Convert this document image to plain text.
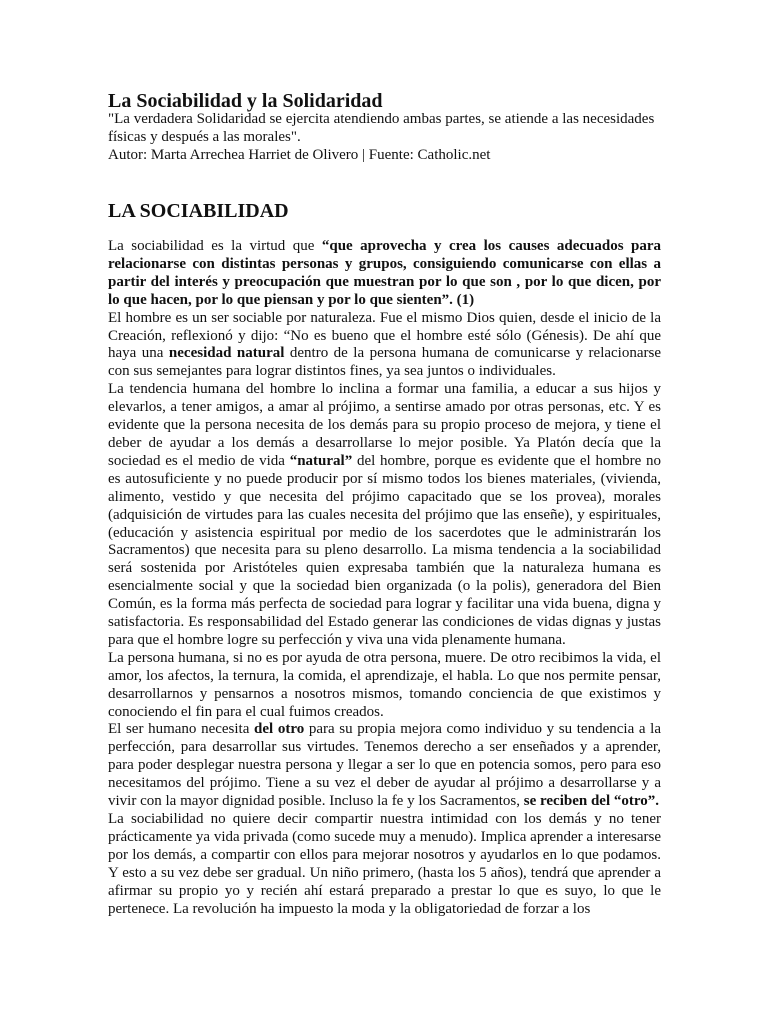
La Sociabilidad y la Solidaridad

"La verdadera Solidaridad se ejercita atendiendo ambas partes, se atiende a las necesidades físicas y después a las morales".

Autor: Marta Arrechea Harriet de Olivero | Fuente: Catholic.net

LA SOCIABILIDAD

La sociabilidad es la virtud que “que aprovecha y crea los causes adecuados para relacionarse con distintas personas y grupos, consiguiendo comunicarse con ellas a partir del interés y preocupación que muestran por lo que son , por lo que dicen, por lo que hacen, por lo que piensan y por lo que sienten”. (1)

El hombre es un ser sociable por naturaleza. Fue el mismo Dios quien, desde el inicio de la Creación, reflexionó y dijo: “No es bueno que el hombre esté sólo (Génesis). De ahí que haya una necesidad natural dentro de la persona humana de comunicarse y relacionarse con sus semejantes para lograr distintos fines, ya sea juntos o individuales.

La tendencia humana del hombre lo inclina a formar una familia, a educar a sus hijos y elevarlos, a tener amigos, a amar al prójimo, a sentirse amado por otras personas, etc. Y es evidente que la persona necesita de los demás para su propio proceso de mejora, y tiene el deber de ayudar a los demás a desarrollarse lo mejor posible. Ya Platón decía que la sociedad es el medio de vida “natural” del hombre, porque es evidente que el hombre no es autosuficiente y no puede producir por sí mismo todos los bienes materiales, (vivienda, alimento, vestido y que necesita del prójimo capacitado que se los provea), morales (adquisición de virtudes para las cuales necesita del prójimo que las enseñe), y espirituales, (educación y asistencia espiritual por medio de los sacerdotes que le administrarán los Sacramentos) que necesita para su pleno desarrollo. La misma tendencia a la sociabilidad será sostenida por Aristóteles quien expresaba también que la naturaleza humana es esencialmente social y que la sociedad bien organizada (o la polis), generadora del Bien Común, es la forma más perfecta de sociedad para lograr y facilitar una vida buena, digna y satisfactoria. Es responsabilidad del Estado generar las condiciones de vidas dignas y justas para que el hombre logre su perfección y viva una vida plenamente humana.

La persona humana, si no es por ayuda de otra persona, muere. De otro recibimos la vida, el amor, los afectos, la ternura, la comida, el aprendizaje, el habla. Lo que nos permite pensar, desarrollarnos y pensarnos a nosotros mismos, tomando conciencia de que existimos y conociendo el fin para el cual fuimos creados.

El ser humano necesita del otro para su propia mejora como individuo y su tendencia a la perfección, para desarrollar sus virtudes. Tenemos derecho a ser enseñados y a aprender, para poder desplegar nuestra persona y llegar a ser lo que en potencia somos, pero para eso necesitamos del prójimo. Tiene a su vez el deber de ayudar al prójimo a desarrollarse y a vivir con la mayor dignidad posible. Incluso la fe y los Sacramentos, se reciben del “otro”.

La sociabilidad no quiere decir compartir nuestra intimidad con los demás y no tener prácticamente ya vida privada (como sucede muy a menudo). Implica aprender a interesarse por los demás, a compartir con ellos para mejorar nosotros y ayudarlos en lo que podamos. Y esto a su vez debe ser gradual. Un niño primero, (hasta los 5 años), tendrá que aprender a afirmar su propio yo y recién ahí estará preparado a prestar lo que es suyo, lo que le pertenece. La revolución ha impuesto la moda y la obligatoriedad de forzar a los
